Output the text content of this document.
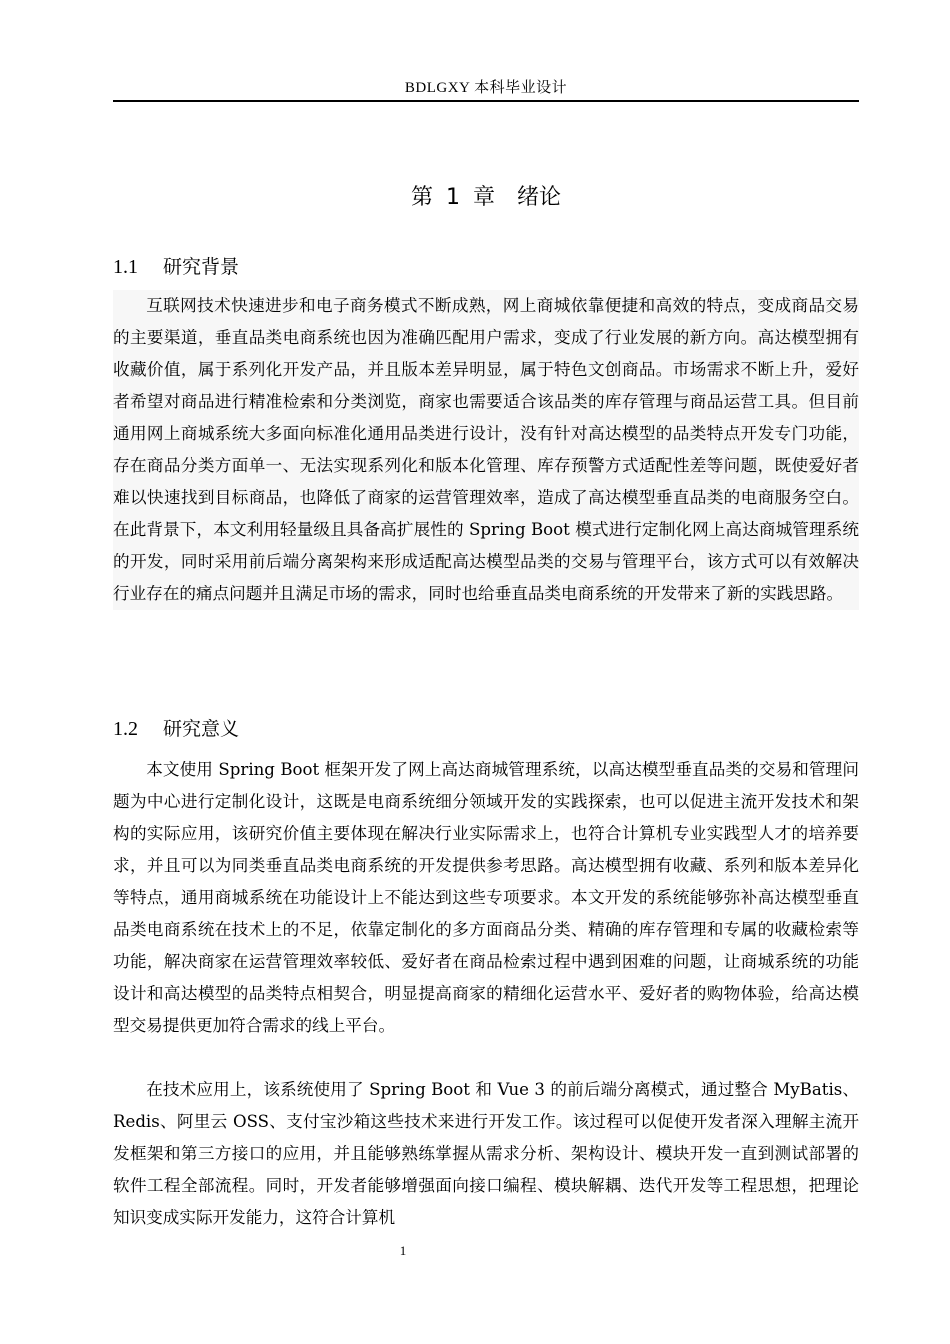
BDLGXY 本科毕业设计
第 1 章　绪论
1.1 研究背景

互联网技术快速进步和电子商务模式不断成熟，网上商城依靠便捷和高效的特点，变成商品交易的主要渠道，垂直品类电商系统也因为准确匹配用户需求，变成了行业发展的新方向。高达模型拥有收藏价值，属于系列化开发产品，并且版本差异明显，属于特色文创商品。市场需求不断上升，爱好者希望对商品进行精准检索和分类浏览，商家也需要适合该品类的库存管理与商品运营工具。但目前通用网上商城系统大多面向标准化通用品类进行设计，没有针对高达模型的品类特点开发专门功能，存在商品分类方面单一、无法实现系列化和版本化管理、库存预警方式适配性差等问题，既使爱好者难以快速找到目标商品，也降低了商家的运营管理效率，造成了高达模型垂直品类的电商服务空白。在此背景下，本文利用轻量级且具备高扩展性的 Spring Boot 模式进行定制化网上高达商城管理系统的开发，同时采用前后端分离架构来形成适配高达模型品类的交易与管理平台，该方式可以有效解决行业存在的痛点问题并且满足市场的需求，同时也给垂直品类电商系统的开发带来了新的实践思路。

1.2 研究意义

本文使用 Spring Boot 框架开发了网上高达商城管理系统，以高达模型垂直品类的交易和管理问题为中心进行定制化设计，这既是电商系统细分领域开发的实践探索，也可以促进主流开发技术和架构的实际应用，该研究价值主要体现在解决行业实际需求上，也符合计算机专业实践型人才的培养要求，并且可以为同类垂直品类电商系统的开发提供参考思路。高达模型拥有收藏、系列和版本差异化等特点，通用商城系统在功能设计上不能达到这些专项要求。本文开发的系统能够弥补高达模型垂直品类电商系统在技术上的不足，依靠定制化的多方面商品分类、精确的库存管理和专属的收藏检索等功能，解决商家在运营管理效率较低、爱好者在商品检索过程中遇到困难的问题，让商城系统的功能设计和高达模型的品类特点相契合，明显提高商家的精细化运营水平、爱好者的购物体验，给高达模型交易提供更加符合需求的线上平台。

在技术应用上，该系统使用了 Spring Boot 和 Vue 3 的前后端分离模式，通过整合 MyBatis、Redis、阿里云 OSS、支付宝沙箱这些技术来进行开发工作。该过程可以促使开发者深入理解主流开发框架和第三方接口的应用，并且能够熟练掌握从需求分析、架构设计、模块开发一直到测试部署的软件工程全部流程。同时，开发者能够增强面向接口编程、模块解耦、迭代开发等工程思想，把理论知识变成实际开发能力，这符合计算机

1
